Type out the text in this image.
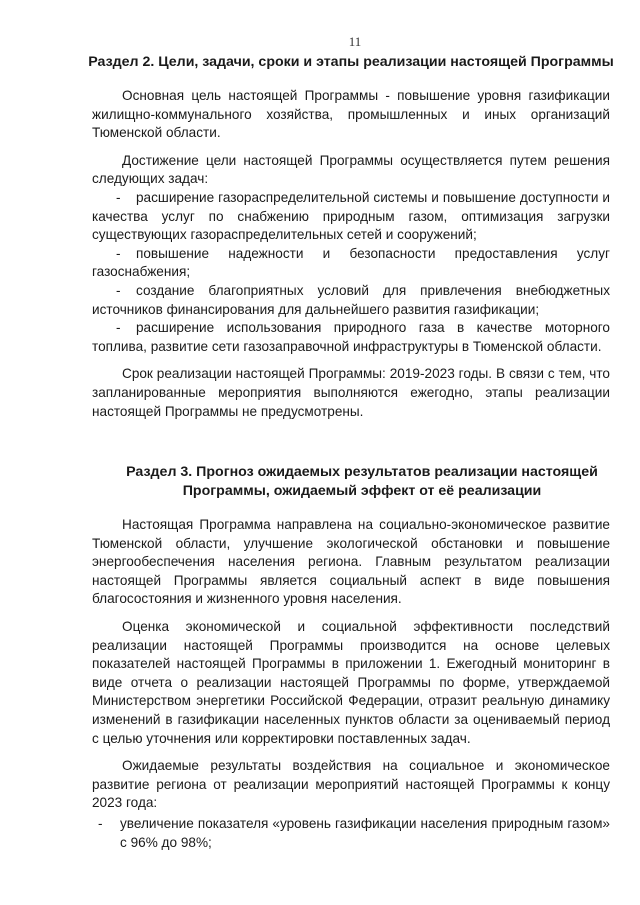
11
Раздел 2. Цели, задачи, сроки и этапы реализации настоящей Программы

Основная цель настоящей Программы - повышение уровня газификации жилищно-коммунального хозяйства, промышленных и иных организаций Тюменской области.

Достижение цели настоящей Программы осуществляется путем решения следующих задач:

- расширение газораспределительной системы и повышение доступности и качества услуг по снабжению природным газом, оптимизация загрузки существующих газораспределительных сетей и сооружений;
- повышение надежности и безопасности предоставления услуг газоснабжения;
- создание благоприятных условий для привлечения внебюджетных источников финансирования для дальнейшего развития газификации;
- расширение использования природного газа в качестве моторного топлива, развитие сети газозаправочной инфраструктуры в Тюменской области.

Срок реализации настоящей Программы: 2019-2023 годы. В связи с тем, что запланированные мероприятия выполняются ежегодно, этапы реализации настоящей Программы не предусмотрены.

Раздел 3. Прогноз ожидаемых результатов реализации настоящей Программы, ожидаемый эффект от её реализации

Настоящая Программа направлена на социально-экономическое развитие Тюменской области, улучшение экологической обстановки и повышение энергообеспечения населения региона. Главным результатом реализации настоящей Программы является социальный аспект в виде повышения благосостояния и жизненного уровня населения.

Оценка экономической и социальной эффективности последствий реализации настоящей Программы производится на основе целевых показателей настоящей Программы в приложении 1. Ежегодный мониторинг в виде отчета о реализации настоящей Программы по форме, утверждаемой Министерством энергетики Российской Федерации, отразит реальную динамику изменений в газификации населенных пунктов области за оцениваемый период с целью уточнения или корректировки поставленных задач.

Ожидаемые результаты воздействия на социальное и экономическое развитие региона от реализации мероприятий настоящей Программы к концу 2023 года:

-	увеличение показателя «уровень газификации населения природным газом» с 96% до 98%;
